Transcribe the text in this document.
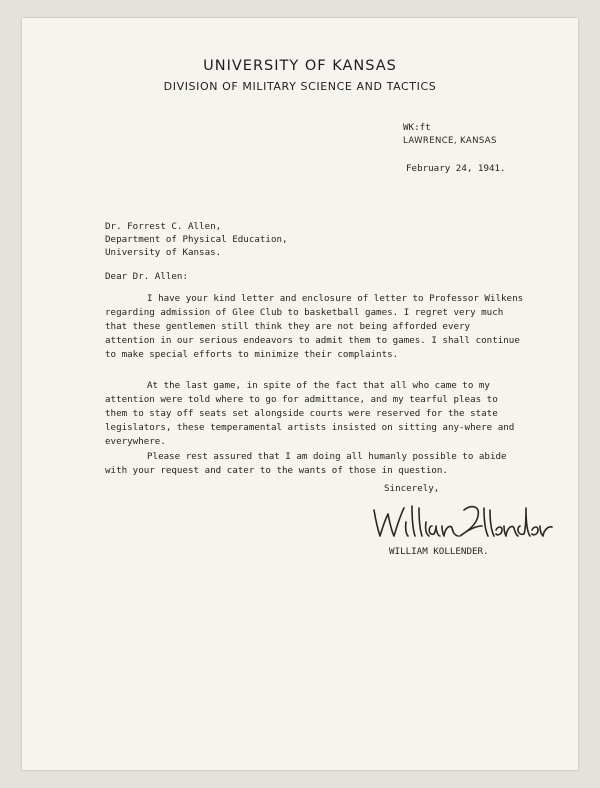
UNIVERSITY OF KANSAS
DIVISION OF MILITARY SCIENCE AND TACTICS
WK:ft
LAWRENCE, KANSAS
February 24, 1941.
Dr. Forrest C. Allen,
Department of Physical Education,
University of Kansas.
Dear Dr. Allen:
I have your kind letter and enclosure of letter to Professor Wilkens regarding admission of Glee Club to basketball games. I regret very much that these gentlemen still think they are not being afforded every attention in our serious endeavors to admit them to games. I shall continue to make special efforts to minimize their complaints.
At the last game, in spite of the fact that all who came to my attention were told where to go for admittance, and my tearful pleas to them to stay off seats set alongside courts were reserved for the state legislators, these temperamental artists insisted on sitting any-where and everywhere.
Please rest assured that I am doing all humanly possible to abide with your request and cater to the wants of those in question.
Sincerely,
WILLIAM KOLLENDER.
